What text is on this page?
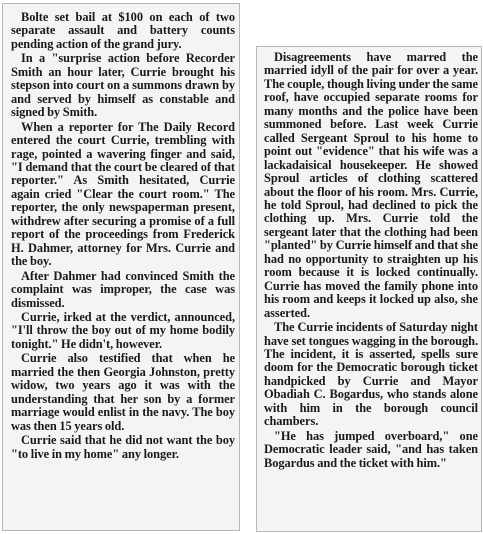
Bolte set bail at $100 on each of two separate assault and battery counts pending action of the grand jury.

In a "surprise action before Recorder Smith an hour later, Currie brought his stepson into court on a summons drawn by and served by himself as constable and signed by Smith.

When a reporter for The Daily Record entered the court Currie, trembling with rage, pointed a wavering finger and said, "I demand that the court be cleared of that reporter." As Smith hesitated, Currie again cried "Clear the court room." The reporter, the only newspaperman present, withdrew after securing a promise of a full report of the proceedings from Frederick H. Dahmer, attorney for Mrs. Currie and the boy.

After Dahmer had convinced Smith the complaint was improper, the case was dismissed.

Currie, irked at the verdict, announced, "I'll throw the boy out of my home bodily tonight." He didn't, however.

Currie also testified that when he married the then Georgia Johnston, pretty widow, two years ago it was with the understanding that her son by a former marriage would enlist in the navy. The boy was then 15 years old.

Currie said that he did not want the boy "to live in my home" any longer.

Disagreements have marred the married idyll of the pair for over a year. The couple, though living under the same roof, have occupied separate rooms for many months and the police have been summoned before. Last week Currie called Sergeant Sproul to his home to point out "evidence" that his wife was a lackadaisical housekeeper. He showed Sproul articles of clothing scattered about the floor of his room. Mrs. Currie, he told Sproul, had declined to pick the clothing up. Mrs. Currie told the sergeant later that the clothing had been "planted" by Currie himself and that she had no opportunity to straighten up his room because it is locked continually. Currie has moved the family phone into his room and keeps it locked up also, she asserted.

The Currie incidents of Saturday night have set tongues wagging in the borough. The incident, it is asserted, spells sure doom for the Democratic borough ticket handpicked by Currie and Mayor Obadiah C. Bogardus, who stands alone with him in the borough council chambers.

"He has jumped overboard," one Democratic leader said, "and has taken Bogardus and the ticket with him."
